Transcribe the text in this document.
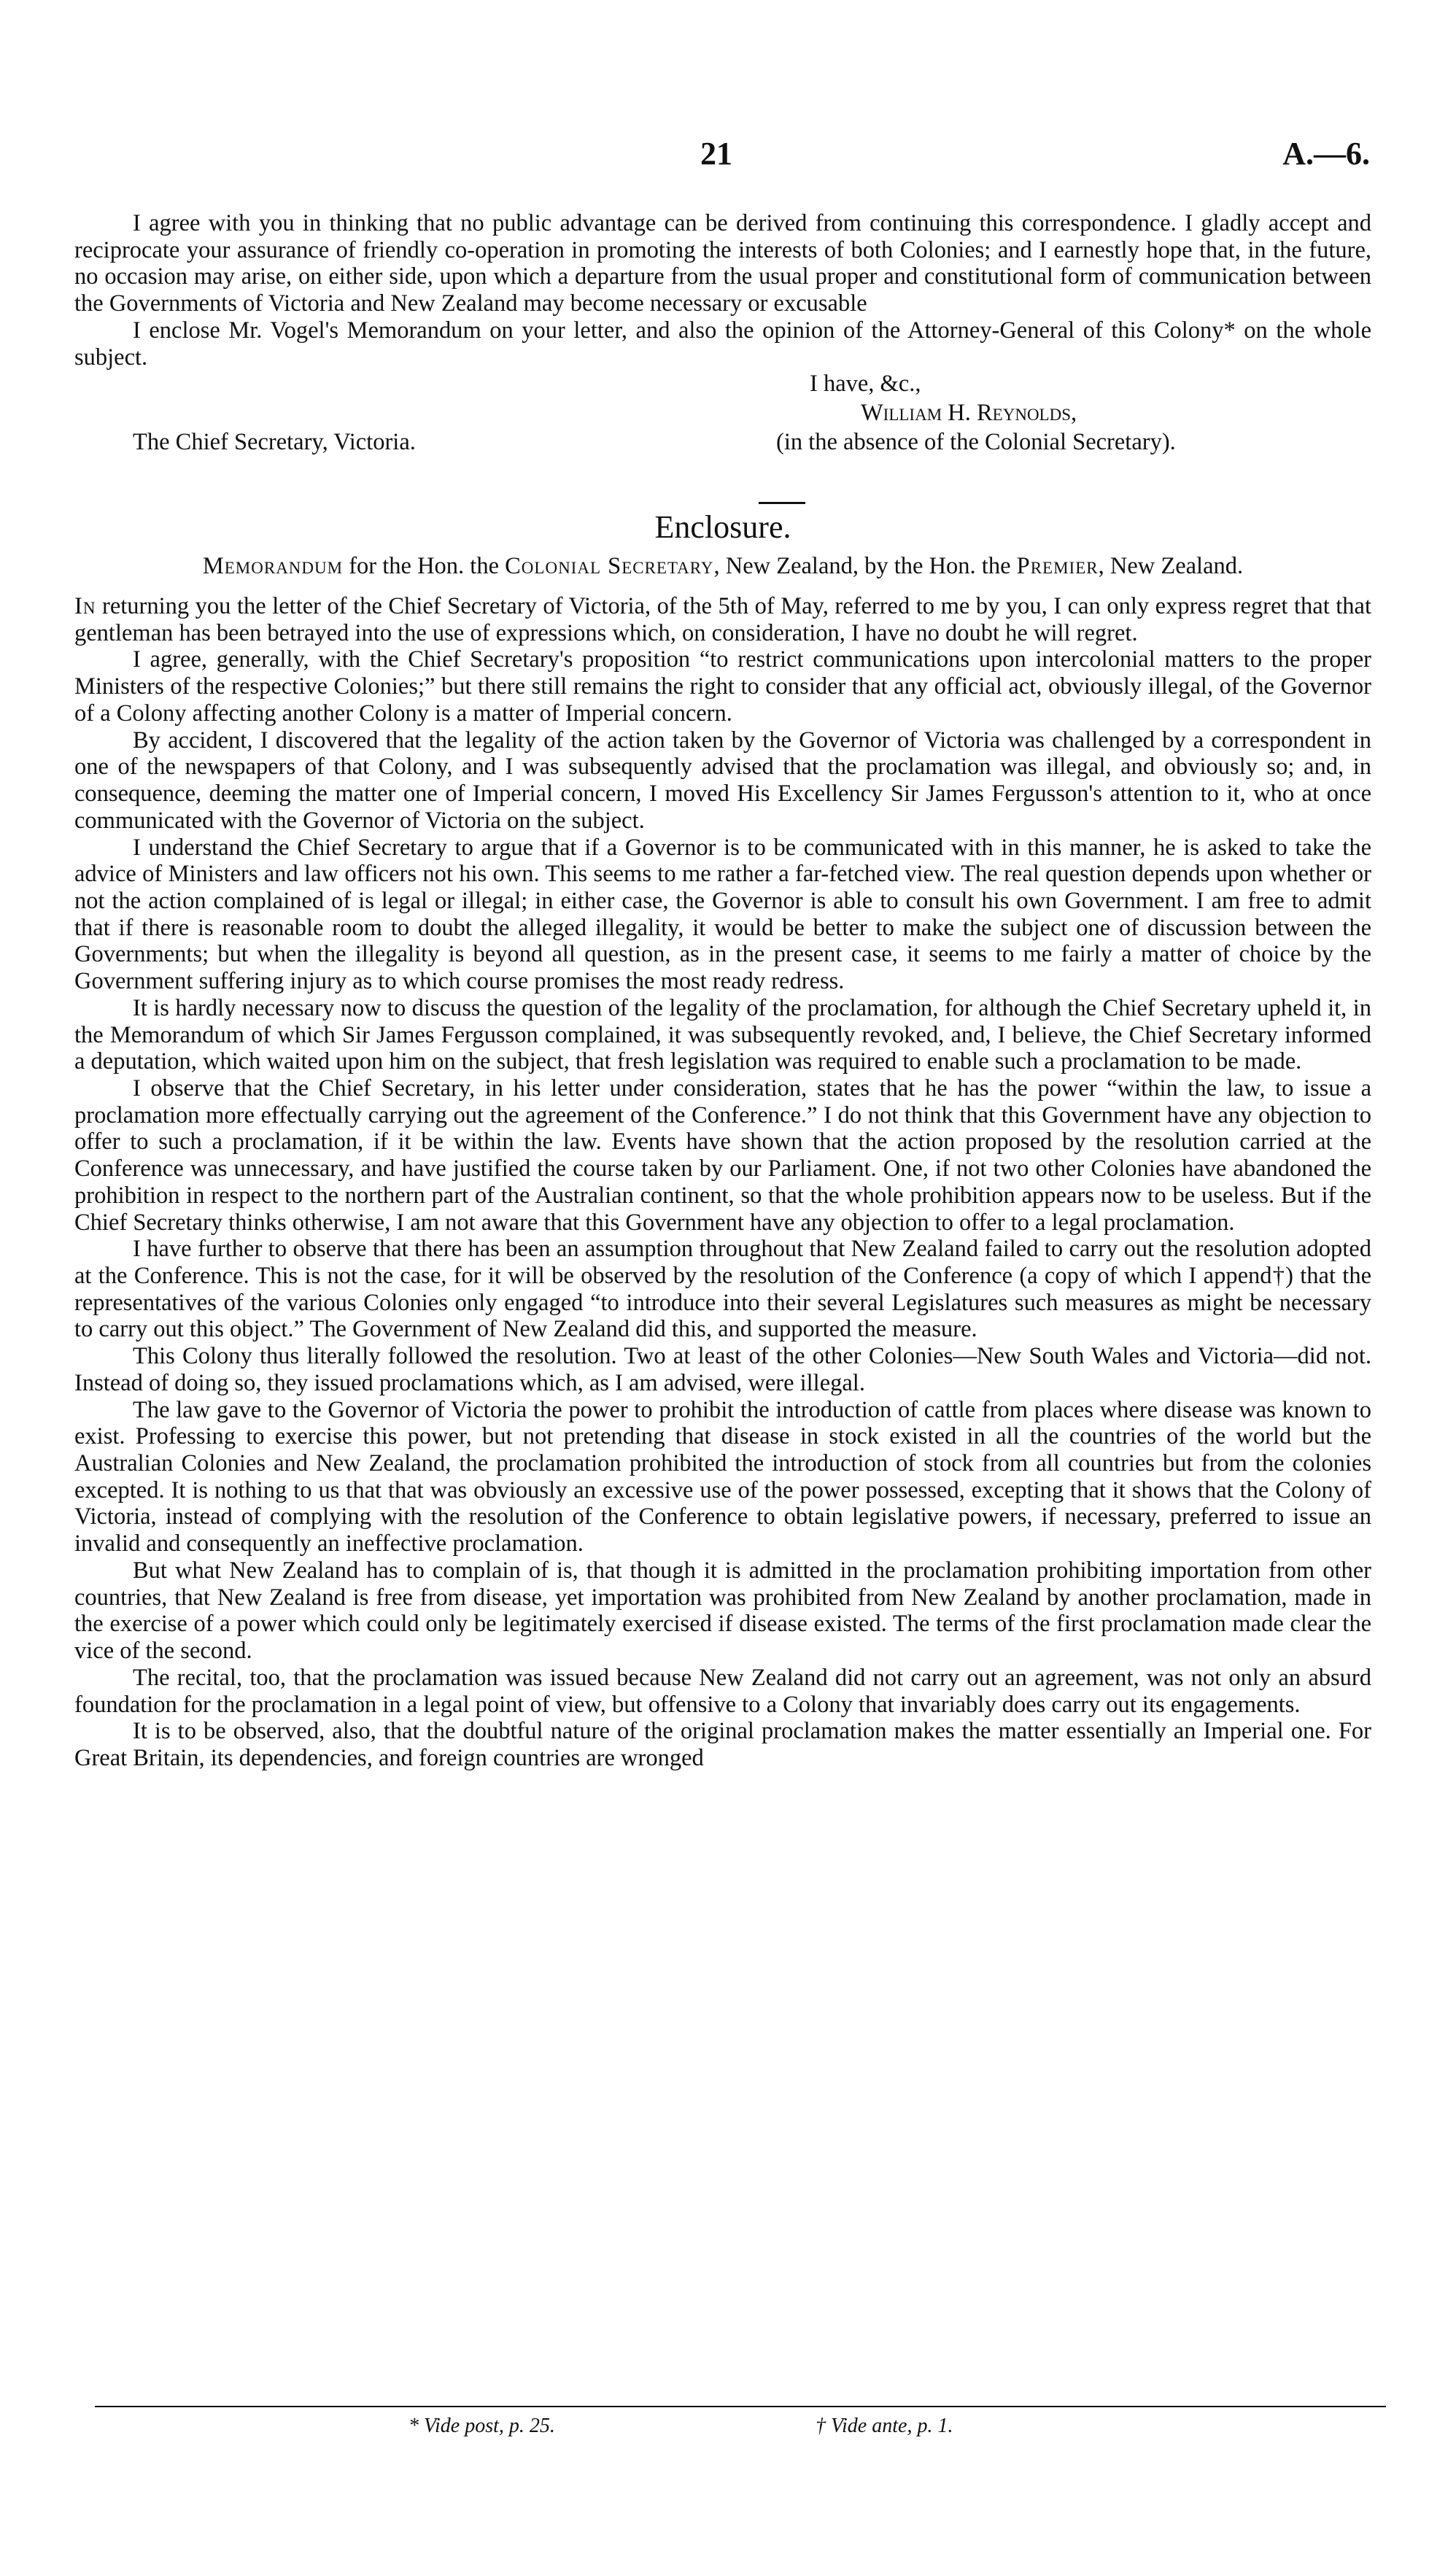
21	A.—6.

I agree with you in thinking that no public advantage can be derived from continuing this correspondence. I gladly accept and reciprocate your assurance of friendly co-operation in promoting the interests of both Colonies; and I earnestly hope that, in the future, no occasion may arise, on either side, upon which a departure from the usual proper and constitutional form of communication between the Governments of Victoria and New Zealand may become necessary or excusable

I enclose Mr. Vogel's Memorandum on your letter, and also the opinion of the Attorney-General of this Colony* on the whole subject.

I have, &c.,
William H. Reynolds,
The Chief Secretary, Victoria.	(in the absence of the Colonial Secretary).
Enclosure.
Memorandum for the Hon. the Colonial Secretary, New Zealand, by the Hon. the Premier, New Zealand.

In returning you the letter of the Chief Secretary of Victoria, of the 5th of May, referred to me by you, I can only express regret that that gentleman has been betrayed into the use of expressions which, on consideration, I have no doubt he will regret.

I agree, generally, with the Chief Secretary's proposition “to restrict communications upon intercolonial matters to the proper Ministers of the respective Colonies;” but there still remains the right to consider that any official act, obviously illegal, of the Governor of a Colony affecting another Colony is a matter of Imperial concern.

By accident, I discovered that the legality of the action taken by the Governor of Victoria was challenged by a correspondent in one of the newspapers of that Colony, and I was subsequently advised that the proclamation was illegal, and obviously so; and, in consequence, deeming the matter one of Imperial concern, I moved His Excellency Sir James Fergusson's attention to it, who at once communicated with the Governor of Victoria on the subject.

I understand the Chief Secretary to argue that if a Governor is to be communicated with in this manner, he is asked to take the advice of Ministers and law officers not his own. This seems to me rather a far-fetched view. The real question depends upon whether or not the action complained of is legal or illegal; in either case, the Governor is able to consult his own Government. I am free to admit that if there is reasonable room to doubt the alleged illegality, it would be better to make the subject one of discussion between the Governments; but when the illegality is beyond all question, as in the present case, it seems to me fairly a matter of choice by the Government suffering injury as to which course promises the most ready redress.

It is hardly necessary now to discuss the question of the legality of the proclamation, for although the Chief Secretary upheld it, in the Memorandum of which Sir James Fergusson complained, it was subsequently revoked, and, I believe, the Chief Secretary informed a deputation, which waited upon him on the subject, that fresh legislation was required to enable such a proclamation to be made.

I observe that the Chief Secretary, in his letter under consideration, states that he has the power “within the law, to issue a proclamation more effectually carrying out the agreement of the Conference.” I do not think that this Government have any objection to offer to such a proclamation, if it be within the law. Events have shown that the action proposed by the resolution carried at the Conference was unnecessary, and have justified the course taken by our Parliament. One, if not two other Colonies have abandoned the prohibition in respect to the northern part of the Australian continent, so that the whole prohibition appears now to be useless. But if the Chief Secretary thinks otherwise, I am not aware that this Government have any objection to offer to a legal proclamation.

I have further to observe that there has been an assumption throughout that New Zealand failed to carry out the resolution adopted at the Conference. This is not the case, for it will be observed by the resolution of the Conference (a copy of which I append†) that the representatives of the various Colonies only engaged “to introduce into their several Legislatures such measures as might be necessary to carry out this object.” The Government of New Zealand did this, and supported the measure.

This Colony thus literally followed the resolution. Two at least of the other Colonies—New South Wales and Victoria—did not. Instead of doing so, they issued proclamations which, as I am advised, were illegal.

The law gave to the Governor of Victoria the power to prohibit the introduction of cattle from places where disease was known to exist. Professing to exercise this power, but not pretending that disease in stock existed in all the countries of the world but the Australian Colonies and New Zealand, the proclamation prohibited the introduction of stock from all countries but from the colonies excepted. It is nothing to us that that was obviously an excessive use of the power possessed, excepting that it shows that the Colony of Victoria, instead of complying with the resolution of the Conference to obtain legislative powers, if necessary, preferred to issue an invalid and consequently an ineffective proclamation.

But what New Zealand has to complain of is, that though it is admitted in the proclamation prohibiting importation from other countries, that New Zealand is free from disease, yet importation was prohibited from New Zealand by another proclamation, made in the exercise of a power which could only be legitimately exercised if disease existed. The terms of the first proclamation made clear the vice of the second.

The recital, too, that the proclamation was issued because New Zealand did not carry out an agreement, was not only an absurd foundation for the proclamation in a legal point of view, but offensive to a Colony that invariably does carry out its engagements.

It is to be observed, also, that the doubtful nature of the original proclamation makes the matter essentially an Imperial one. For Great Britain, its dependencies, and foreign countries are wronged

* Vide post, p. 25.	† Vide ante, p. 1.
